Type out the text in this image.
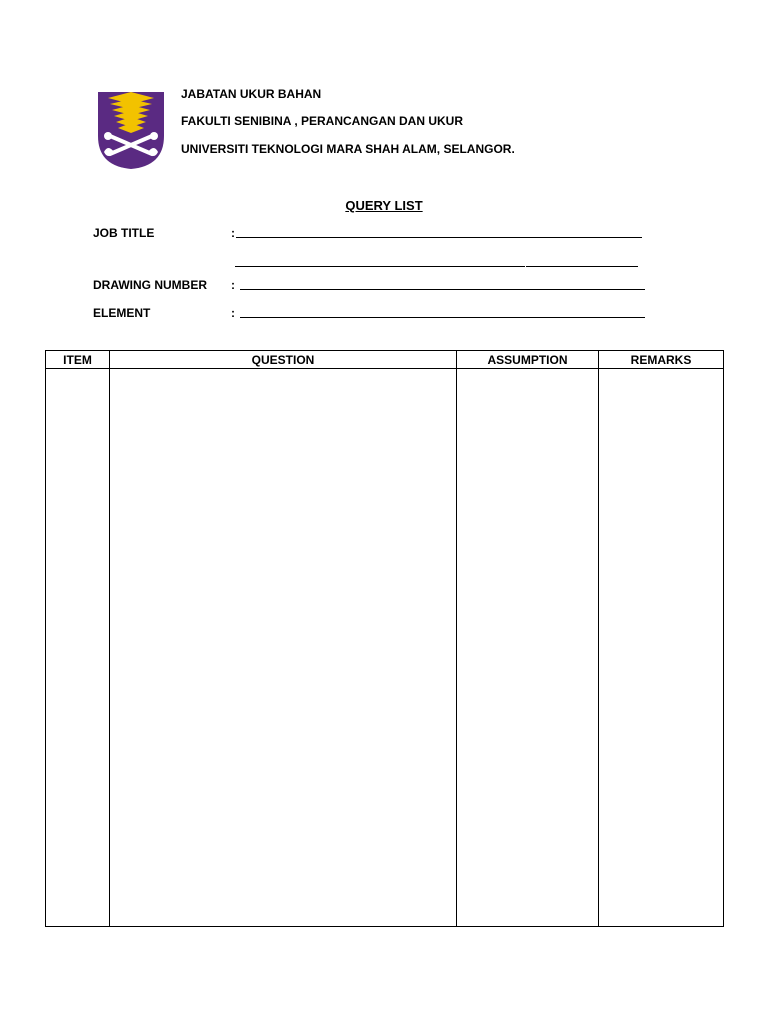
JABATAN UKUR BAHAN
FAKULTI SENIBINA , PERANCANGAN DAN UKUR
UNIVERSITI TEKNOLOGI MARA SHAH ALAM, SELANGOR.
QUERY LIST
JOB TITLE	:
DRAWING NUMBER :
ELEMENT	:
ITEM	QUESTION	ASSUMPTION	REMARKS
